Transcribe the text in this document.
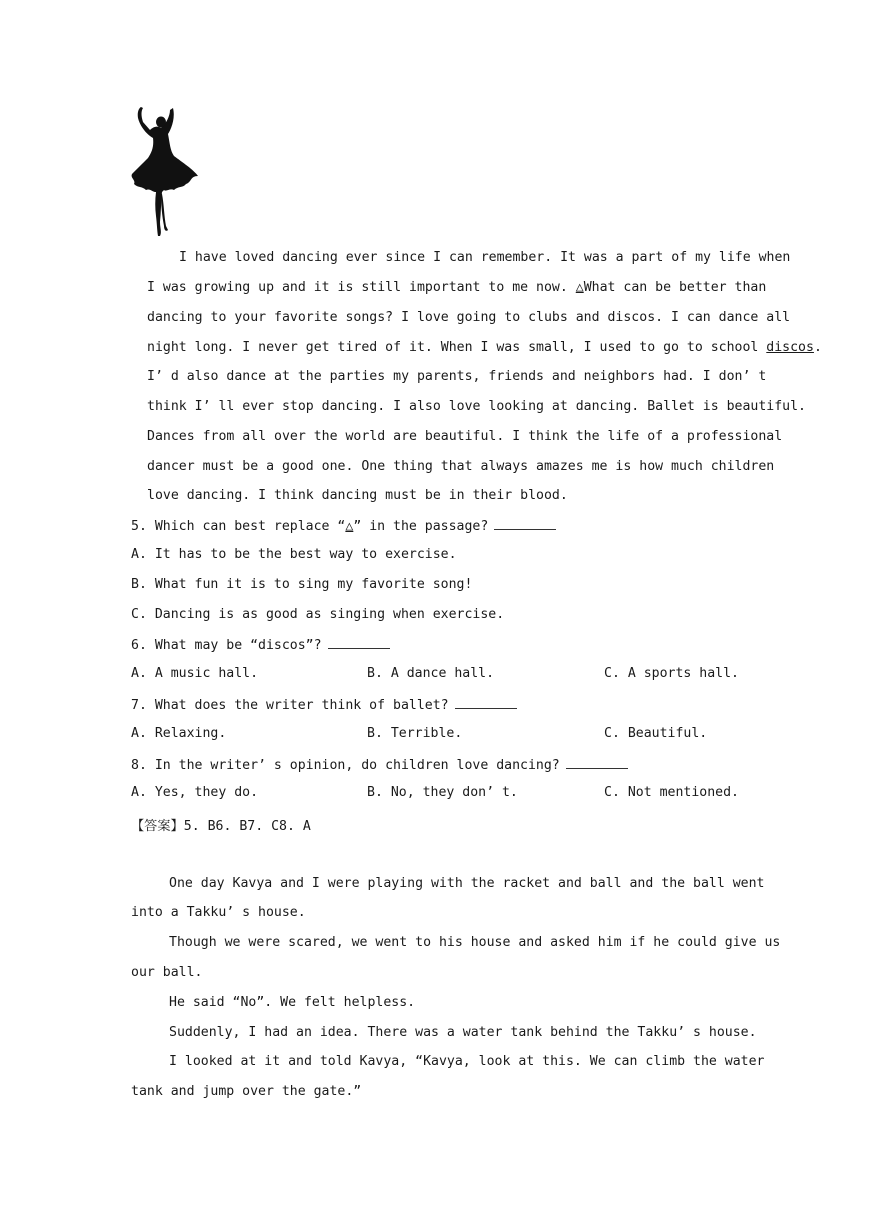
I have loved dancing ever since I can remember. It was a part of my life when
I was growing up and it is still important to me now. △What can be better than
dancing to your favorite songs? I love going to clubs and discos. I can dance all
night long. I never get tired of it. When I was small, I used to go to school discos.
I’ d also dance at the parties my parents, friends and neighbors had. I don’ t
think I’ ll ever stop dancing. I also love looking at dancing. Ballet is beautiful.
Dances from all over the world are beautiful. I think the life of a professional
dancer must be a good one. One thing that always amazes me is how much children
love dancing. I think dancing must be in their blood.
5. Which can best replace “△” in the passage?
A. It has to be the best way to exercise.
B. What fun it is to sing my favorite song!
C. Dancing is as good as singing when exercise.
6. What may be “discos”?
A. A music hall.	B. A dance hall.	C. A sports hall.
7. What does the writer think of ballet?
A. Relaxing.	B. Terrible.	C. Beautiful.
8. In the writer’ s opinion, do children love dancing?
A. Yes, they do.	B. No, they don’ t.	C. Not mentioned.
【答案】5. B6. B7. C8. A
One day Kavya and I were playing with the racket and ball and the ball went
into a Takku’ s house.
Though we were scared, we went to his house and asked him if he could give us
our ball.
He said “No”. We felt helpless.
Suddenly, I had an idea. There was a water tank behind the Takku’ s house.
I looked at it and told Kavya, “Kavya, look at this. We can climb the water
tank and jump over the gate.”
